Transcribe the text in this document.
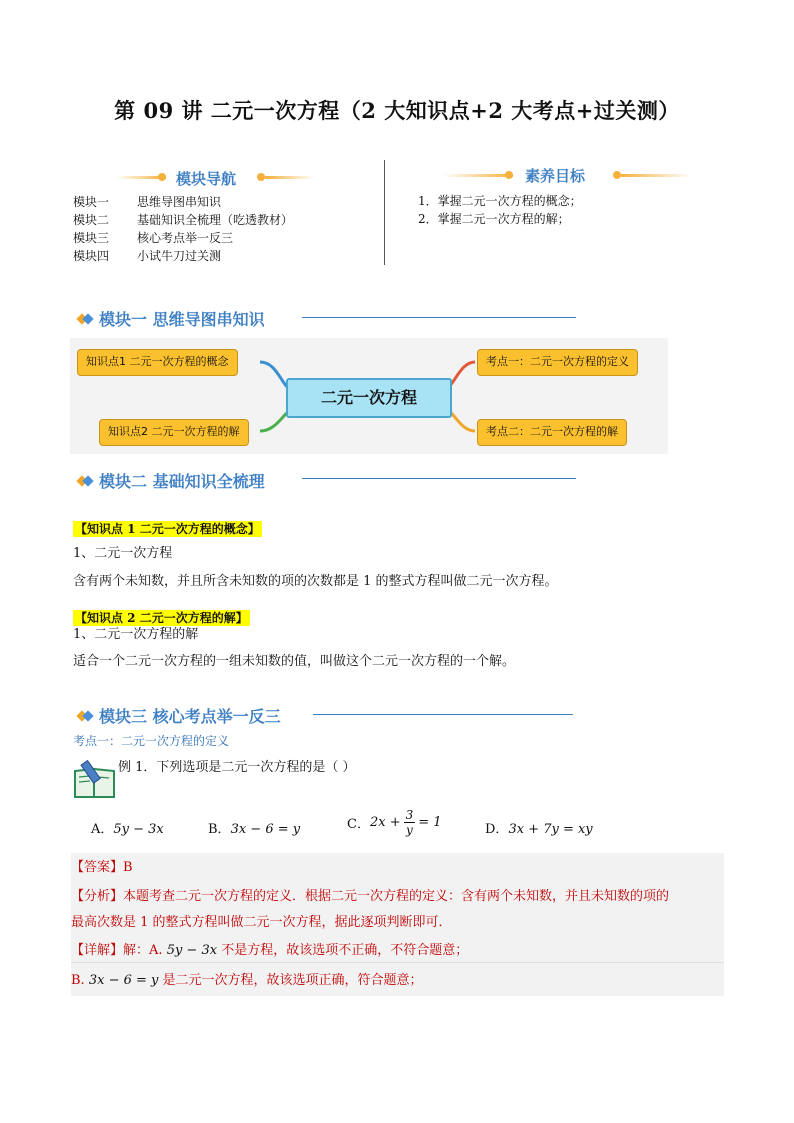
第 09 讲 二元一次方程（2 大知识点+2 大考点+过关测）
模块导航
模块一	思维导图串知识
模块二	基础知识全梳理（吃透教材）
模块三	核心考点举一反三
模块四	小试牛刀过关测
素养目标
1．掌握二元一次方程的概念；
2．掌握二元一次方程的解；
模块一 思维导图串知识
知识点1 二元一次方程的概念
知识点2 二元一次方程的解
考点一：二元一次方程的定义
考点二：二元一次方程的解
二元一次方程
模块二 基础知识全梳理
【知识点 1 二元一次方程的概念】
1、二元一次方程
含有两个未知数，并且所含未知数的项的次数都是 1 的整式方程叫做二元一次方程。
【知识点 2 二元一次方程的解】
1、二元一次方程的解
适合一个二元一次方程的一组未知数的值，叫做这个二元一次方程的一个解。
模块三 核心考点举一反三
考点一：二元一次方程的定义
例 1．下列选项是二元一次方程的是（ ）
A．5y − 3x	B．3x − 6 = y	C． $2x + \frac{3}{y} = 1$	D．3x + 7y = xy
【答案】B
【分析】本题考查二元一次方程的定义．根据二元一次方程的定义：含有两个未知数，并且未知数的项的
最高次数是 1 的整式方程叫做二元一次方程，据此逐项判断即可．
【详解】解：A. 5y − 3x 不是方程，故该选项不正确，不符合题意；
B. 3x − 6 = y 是二元一次方程，故该选项正确，符合题意；
